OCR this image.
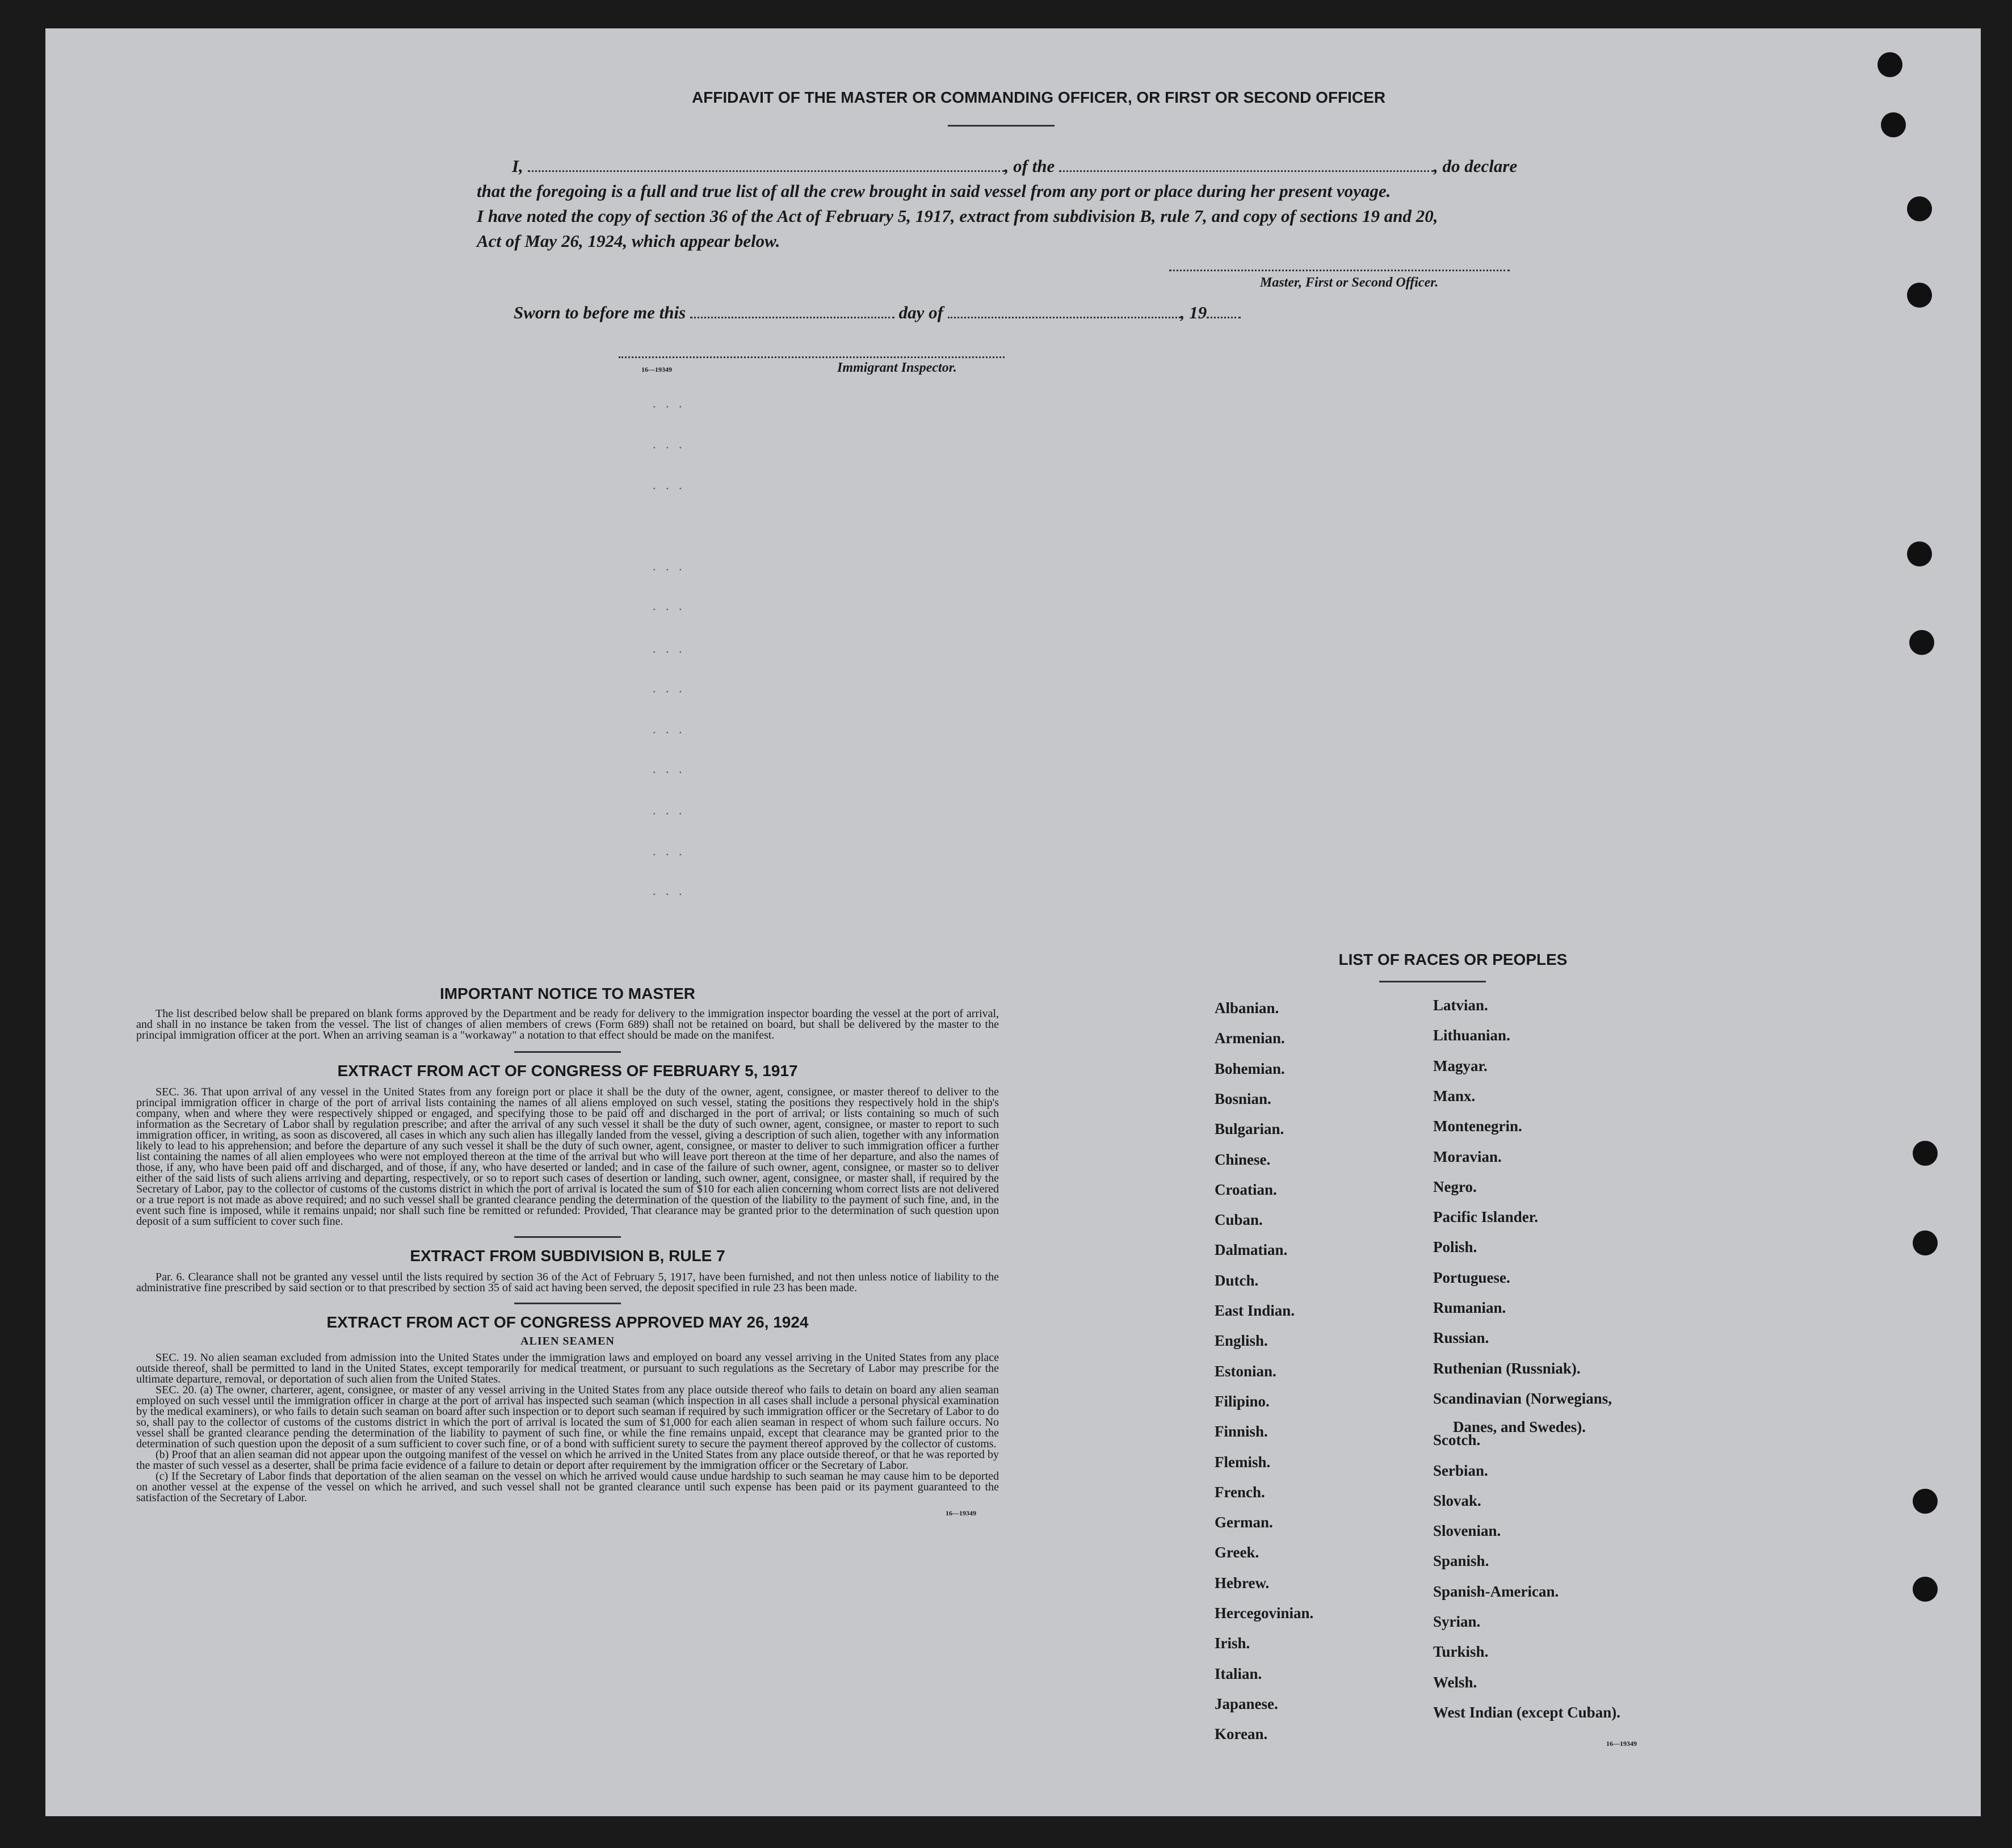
AFFIDAVIT OF THE MASTER OR COMMANDING OFFICER, OR FIRST OR SECOND OFFICER
I,	, of the	, do declare
that the foregoing is a full and true list of all the crew brought in said vessel from any port or place during her present voyage.
I have noted the copy of section 36 of the Act of February 5, 1917, extract from subdivision B, rule 7, and copy of sections 19 and 20,
Act of May 26, 1924, which appear below.
Master, First or Second Officer.
Sworn to before me this	day of	, 19
16—19349	Immigrant Inspector.
. . .
. . .
. . .
. . .
. . .
. . .
. . .
. . .
. . .
. . .
. . .
. . .
IMPORTANT NOTICE TO MASTER

The list described below shall be prepared on blank forms approved by the Department and be ready for delivery to the immigration inspector boarding the vessel at the port of arrival, and shall in no instance be taken from the vessel. The list of changes of alien members of crews (Form 689) shall not be retained on board, but shall be delivered by the master to the principal immigration officer at the port. When an arriving seaman is a "workaway" a notation to that effect should be made on the manifest.

EXTRACT FROM ACT OF CONGRESS OF FEBRUARY 5, 1917

SEC. 36. That upon arrival of any vessel in the United States from any foreign port or place it shall be the duty of the owner, agent, consignee, or master thereof to deliver to the principal immigration officer in charge of the port of arrival lists containing the names of all aliens employed on such vessel, stating the positions they respectively hold in the ship's company, when and where they were respectively shipped or engaged, and specifying those to be paid off and discharged in the port of arrival; or lists containing so much of such information as the Secretary of Labor shall by regulation prescribe; and after the arrival of any such vessel it shall be the duty of such owner, agent, consignee, or master to report to such immigration officer, in writing, as soon as discovered, all cases in which any such alien has illegally landed from the vessel, giving a description of such alien, together with any information likely to lead to his apprehension; and before the departure of any such vessel it shall be the duty of such owner, agent, consignee, or master to deliver to such immigration officer a further list containing the names of all alien employees who were not employed thereon at the time of the arrival but who will leave port thereon at the time of her departure, and also the names of those, if any, who have been paid off and discharged, and of those, if any, who have deserted or landed; and in case of the failure of such owner, agent, consignee, or master so to deliver either of the said lists of such aliens arriving and departing, respectively, or so to report such cases of desertion or landing, such owner, agent, consignee, or master shall, if required by the Secretary of Labor, pay to the collector of customs of the customs district in which the port of arrival is located the sum of $10 for each alien concerning whom correct lists are not delivered or a true report is not made as above required; and no such vessel shall be granted clearance pending the determination of the question of the liability to the payment of such fine, and, in the event such fine is imposed, while it remains unpaid; nor shall such fine be remitted or refunded: Provided, That clearance may be granted prior to the determination of such question upon deposit of a sum sufficient to cover such fine.

EXTRACT FROM SUBDIVISION B, RULE 7

Par. 6. Clearance shall not be granted any vessel until the lists required by section 36 of the Act of February 5, 1917, have been furnished, and not then unless notice of liability to the administrative fine prescribed by said section or to that prescribed by section 35 of said act having been served, the deposit specified in rule 23 has been made.

EXTRACT FROM ACT OF CONGRESS APPROVED MAY 26, 1924
ALIEN SEAMEN

SEC. 19. No alien seaman excluded from admission into the United States under the immigration laws and employed on board any vessel arriving in the United States from any place outside thereof, shall be permitted to land in the United States, except temporarily for medical treatment, or pursuant to such regulations as the Secretary of Labor may prescribe for the ultimate departure, removal, or deportation of such alien from the United States.

SEC. 20. (a) The owner, charterer, agent, consignee, or master of any vessel arriving in the United States from any place outside thereof who fails to detain on board any alien seaman employed on such vessel until the immigration officer in charge at the port of arrival has inspected such seaman (which inspection in all cases shall include a personal physical examination by the medical examiners), or who fails to detain such seaman on board after such inspection or to deport such seaman if required by such immigration officer or the Secretary of Labor to do so, shall pay to the collector of customs of the customs district in which the port of arrival is located the sum of $1,000 for each alien seaman in respect of whom such failure occurs. No vessel shall be granted clearance pending the determination of the liability to payment of such fine, or while the fine remains unpaid, except that clearance may be granted prior to the determination of such question upon the deposit of a sum sufficient to cover such fine, or of a bond with sufficient surety to secure the payment thereof approved by the collector of customs.

(b) Proof that an alien seaman did not appear upon the outgoing manifest of the vessel on which he arrived in the United States from any place outside thereof, or that he was reported by the master of such vessel as a deserter, shall be prima facie evidence of a failure to detain or deport after requirement by the immigration officer or the Secretary of Labor.

(c) If the Secretary of Labor finds that deportation of the alien seaman on the vessel on which he arrived would cause undue hardship to such seaman he may cause him to be deported on another vessel at the expense of the vessel on which he arrived, and such vessel shall not be granted clearance until such expense has been paid or its payment guaranteed to the satisfaction of the Secretary of Labor.

16—19349
LIST OF RACES OR PEOPLES
Albanian.
Armenian.
Bohemian.
Bosnian.
Bulgarian.
Chinese.
Croatian.
Cuban.
Dalmatian.
Dutch.
East Indian.
English.
Estonian.
Filipino.
Finnish.
Flemish.
French.
German.
Greek.
Hebrew.
Hercegovinian.
Irish.
Italian.
Japanese.
Korean.
Latvian.
Lithuanian.
Magyar.
Manx.
Montenegrin.
Moravian.
Negro.
Pacific Islander.
Polish.
Portuguese.
Rumanian.
Russian.
Ruthenian (Russniak).
Scandinavian (Norwegians,
Scotch.
Serbian.
Slovak.
Slovenian.
Spanish.
Spanish-American.
Syrian.
Turkish.
Welsh.
West Indian (except Cuban).
Danes, and Swedes).
16—19349
